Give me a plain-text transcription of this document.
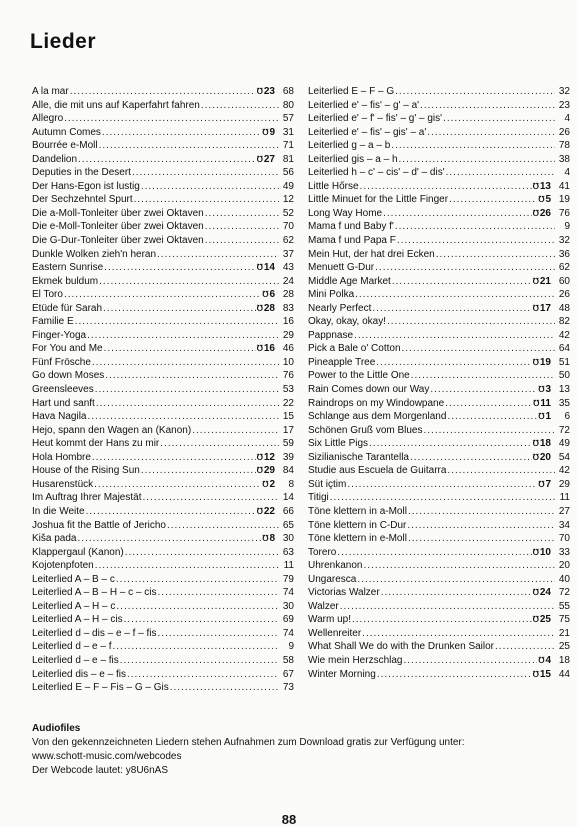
Lieder
A la mar .....	℧23 68
Alle, die mit uns auf Kaperfahrt fahren .....	80
Allegro .....	57
Autumn Comes .....	℧9 31
Bourrée e-Moll .....	71
Dandelion .....	℧27 81
Deputies in the Desert .....	56
Der Hans-Egon ist lustig .....	49
Der Sechzehntel Spurt .....	12
Die a-Moll-Tonleiter über zwei Oktaven .....	52
Die e-Moll-Tonleiter über zwei Oktaven .....	70
Die G-Dur-Tonleiter über zwei Oktaven .....	62
Dunkle Wolken zieh'n heran .....	37
Eastern Sunrise .....	℧14 43
Ekmek buldum .....	24
El Toro .....	℧6 28
Etüde für Sarah .....	℧28 83
Familie E .....	16
Finger-Yoga .....	29
For You and Me .....	℧16 46
Fünf Frösche .....	10
Go down Moses .....	76
Greensleeves .....	53
Hart und sanft .....	22
Hava Nagila .....	15
Hejo, spann den Wagen an (Kanon) .....	17
Heut kommt der Hans zu mir .....	59
Hola Hombre .....	℧12 39
House of the Rising Sun .....	℧29 84
Husarenstück .....	℧2	8
Im Auftrag Ihrer Majestät .....	14
In die Weite .....	℧22 66
Joshua fit the Battle of Jericho .....	65
Kiša pada .....	℧8 30
Klappergaul (Kanon) .....	63
Kojotenpfoten .....	11
Leiterlied A – B – c .....	79
Leiterlied A – B – H – c – cis .....	74
Leiterlied A – H – c .....	30
Leiterlied A – H – cis .....	69
Leiterlied d – dis – e – f – fis .....	74
Leiterlied d – e – f .....	9
Leiterlied d – e – fis .....	58
Leiterlied dis – e – fis .....	67
Leiterlied E – F – Fis – G – Gis .....	73
Leiterlied E – F – G .....	32
Leiterlied e' – fis' – g' – a' .....	23
Leiterlied e' – f' – fis' – g' – gis' .....	4
Leiterlied e' – fis' – gis' – a' .....	26
Leiterlied g – a – b .....	78
Leiterlied gis – a – h .....	38
Leiterlied h – c' – cis' – d' – dis' .....	4
Little Hőrse .....	℧13 41
Little Minuet for the Little Finger .....	℧5 19
Long Way Home .....	℧26 76
Mama f und Baby f' .....	9
Mama f und Papa F .....	32
Mein Hut, der hat drei Ecken .....	36
Menuett G-Dur .....	62
Middle Age Market .....	℧21 60
Mini Polka .....	26
Nearly Perfect .....	℧17 48
Okay, okay, okay! .....	82
Pappnase .....	42
Pick a Bale o' Cotton .....	64
Pineapple Tree .....	℧19 51
Power to the Little One .....	50
Rain Comes down our Way .....	℧3 13
Raindrops on my Windowpane .....	℧11 35
Schlange aus dem Morgenland .....	℧1	6
Schönen Gruß vom Blues .....	72
Six Little Pigs .....	℧18 49
Sizilianische Tarantella .....	℧20 54
Studie aus Escuela de Guitarra .....	42
Süt içtim .....	℧7 29
Titigi .....	11
Töne klettern in a-Moll .....	27
Töne klettern in C-Dur .....	34
Töne klettern in e-Moll .....	70
Torero .....	℧10 33
Uhrenkanon .....	20
Ungaresca .....	40
Victorias Walzer .....	℧24 72
Walzer .....	55
Warm up! .....	℧25 75
Wellenreiter .....	21
What Shall We do with the Drunken Sailor .....	25
Wie mein Herzschlag .....	℧4 18
Winter Morning .....	℧15 44
Audiofiles
Von den gekennzeichneten Liedern stehen Aufnahmen zum Download gratis zur Verfügung unter:
www.schott-music.com/webcodes
Der Webcode lautet: y8U6nAS
88
